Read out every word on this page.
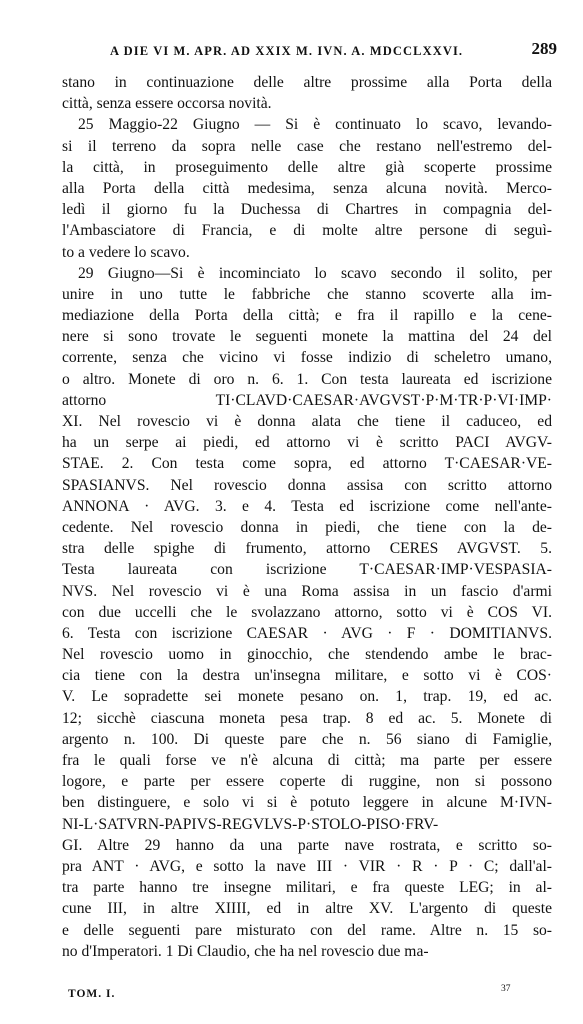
A DIE VI M. APR. AD XXIX M. IVN. A. MDCCLXXVI.	289
stano in continuazione delle altre prossime alla Porta della
città, senza essere occorsa novità.
25 Maggio-22 Giugno — Si è continuato lo scavo, levando-
si il terreno da sopra nelle case che restano nell'estremo del-
la città, in proseguimento delle altre già scoperte prossime
alla Porta della città medesima, senza alcuna novità. Merco-
ledì il giorno fu la Duchessa di Chartres in compagnia del-
l'Ambasciatore di Francia, e di molte altre persone di seguì-
to a vedere lo scavo.
29 Giugno—Si è incominciato lo scavo secondo il solito, per
unire in uno tutte le fabbriche che stanno scoverte alla im-
mediazione della Porta della città; e fra il rapillo e la cene-
nere si sono trovate le seguenti monete la mattina del 24 del
corrente, senza che vicino vi fosse indizio di scheletro umano,
o altro. Monete di oro n. 6. 1. Con testa laureata ed iscrizione
attorno TI·CLAVD·CAESAR·AVGVST·P·M·TR·P·VI·IMP·
XI. Nel rovescio vi è donna alata che tiene il caduceo, ed
ha un serpe ai piedi, ed attorno vi è scritto PACI AVGV-
STAE. 2. Con testa come sopra, ed attorno T·CAESAR·VE-
SPASIANVS. Nel rovescio donna assisa con scritto attorno
ANNONA · AVG. 3. e 4. Testa ed iscrizione come nell'ante-
cedente. Nel rovescio donna in piedi, che tiene con la de-
stra delle spighe di frumento, attorno CERES AVGVST. 5.
Testa laureata con iscrizione T·CAESAR·IMP·VESPASIA-
NVS. Nel rovescio vi è una Roma assisa in un fascio d'armi
con due uccelli che le svolazzano attorno, sotto vi è COS VI.
6. Testa con iscrizione CAESAR · AVG · F · DOMITIANVS.
Nel rovescio uomo in ginocchio, che stendendo ambe le brac-
cia tiene con la destra un'insegna militare, e sotto vi è COS·
V. Le sopradette sei monete pesano on. 1, trap. 19, ed ac.
12; sicchè ciascuna moneta pesa trap. 8 ed ac. 5. Monete di
argento n. 100. Di queste pare che n. 56 siano di Famiglie,
fra le quali forse ve n'è alcuna di città; ma parte per essere
logore, e parte per essere coperte di ruggine, non si possono
ben distinguere, e solo vi si è potuto leggere in alcune M·IVN-
NI-L·SATVRN-PAPIVS-REGVLVS-P·STOLO-PISO·FRV-
GI. Altre 29 hanno da una parte nave rostrata, e scritto so-
pra ANT · AVG, e sotto la nave III · VIR · R · P · C; dall'al-
tra parte hanno tre insegne militari, e fra queste LEG; in al-
cune III, in altre XIIII, ed in altre XV. L'argento di queste
e delle seguenti pare misturato con del rame. Altre n. 15 so-
no d'Imperatori. 1 Di Claudio, che ha nel rovescio due ma-
TOM. I.	37
